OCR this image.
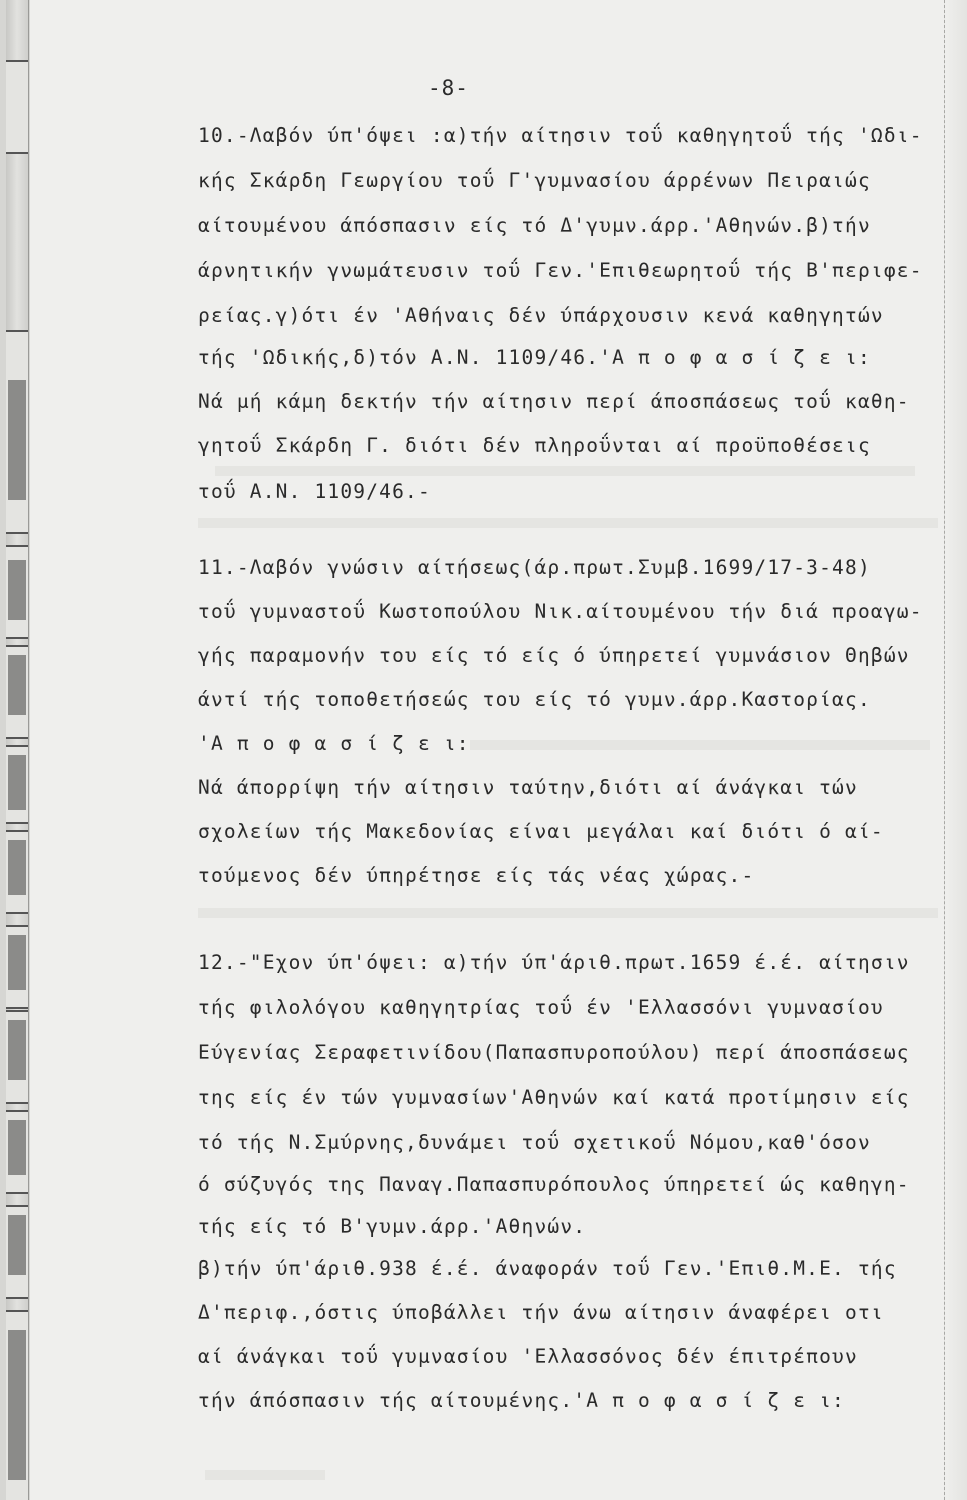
-8-
10.-Λαβόν ύπ'όψει :α)τήν αίτησιν τοΰ καθηγητοΰ τής 'Ωδι-
κής Σκάρδη Γεωργίου τοΰ Γ'γυμνασίου άρρένων Πειραιώς
αίτουμένου άπόσπασιν είς τό Δ'γυμν.άρρ.'Αθηνών.β)τήν
άρνητικήν γνωμάτευσιν τοΰ Γεν.'Επιθεωρητοΰ τής Β'περιφε-
ρείας.γ)ότι έν 'Αθήναις δέν ύπάρχουσιν κενά καθηγητών
τής 'Ωδικής,δ)τόν Α.Ν. 1109/46.'Α π ο φ α σ ί ζ ε ι:
Νά μή κάμη δεκτήν τήν αίτησιν περί άποσπάσεως τοΰ καθη-
γητοΰ Σκάρδη Γ. διότι δέν πληροΰνται αί προϋποθέσεις
τοΰ Α.Ν. 1109/46.-
11.-Λαβόν γνώσιν αίτήσεως(άρ.πρωτ.Συμβ.1699/17-3-48)
τοΰ γυμναστοΰ Κωστοπούλου Νικ.αίτουμένου τήν διά προαγω-
γής παραμονήν του είς τό είς ό ύπηρετεί γυμνάσιον Θηβών
άντί τής τοποθετήσεώς του είς τό γυμν.άρρ.Καστορίας.
'Α π ο φ α σ ί ζ ε ι:
Νά άπορρίψη τήν αίτησιν ταύτην,διότι αί άνάγκαι τών
σχολείων τής Μακεδονίας είναι μεγάλαι καί διότι ό αί-
τούμενος δέν ύπηρέτησε είς τάς νέας χώρας.-
12.-"Εχον ύπ'όψει: α)τήν ύπ'άριθ.πρωτ.1659 έ.έ. αίτησιν
τής φιλολόγου καθηγητρίας τοΰ έν 'Ελλασσόνι γυμνασίου
Εύγενίας Σεραφετινίδου(Παπασπυροπούλου) περί άποσπάσεως
της είς έν τών γυμνασίων'Αθηνών καί κατά προτίμησιν είς
τό τής Ν.Σμύρνης,δυνάμει τοΰ σχετικοΰ Νόμου,καθ'όσον
ό σύζυγός της Παναγ.Παπασπυρόπουλος ύπηρετεί ώς καθηγη-
τής είς τό Β'γυμν.άρρ.'Αθηνών.
β)τήν ύπ'άριθ.938 έ.έ. άναφοράν τοΰ Γεν.'Επιθ.Μ.Ε. τής
Δ'περιφ.,όστις ύποβάλλει τήν άνω αίτησιν άναφέρει οτι
αί άνάγκαι τοΰ γυμνασίου 'Ελλασσόνος δέν έπιτρέπουν
τήν άπόσπασιν τής αίτουμένης.'Α π ο φ α σ ί ζ ε ι:
